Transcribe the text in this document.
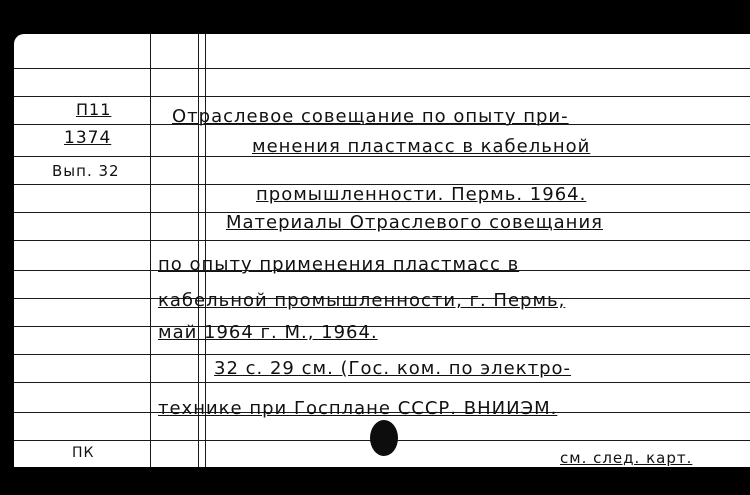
П11
1374
Вып. 32
ПК
Отраслевое совещание по опыту при-
менения пластмасс в кабельной
промышленности. Пермь. 1964.
Материалы Отраслевого совещания
по опыту применения пластмасс в
кабельной промышленности, г. Пермь,
май 1964 г. М., 1964.
32 с. 29 см. (Гос. ком. по электро-
технике при Госплане СССР. ВНИИЭМ.
см. след. карт.
